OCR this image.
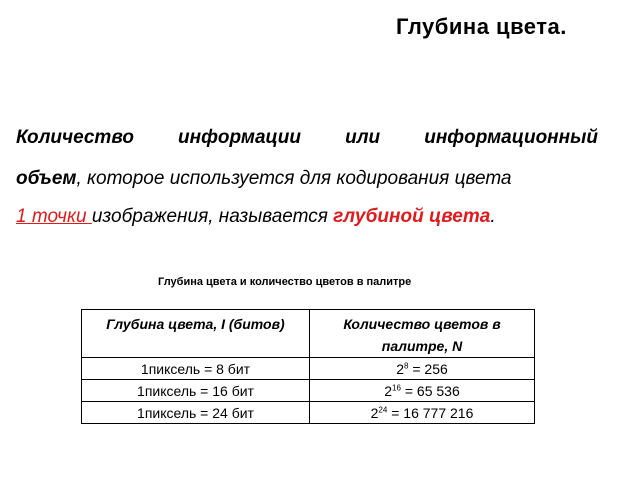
Глубина цвета.

Количество информации или информационный

объем, которое используется для кодирования цвета

1 точки изображения, называется глубиной цвета.

Глубина цвета и количество цветов в палитре

Глубина цвета, I (битов)	Количество цветов в палитре, N
1пиксель = 8 бит	$2^8 = 256$
1пиксель = 16 бит	$2^{16} = 65$ 536
1пиксель = 24 бит	$2^{24} = 16$ 777 216
